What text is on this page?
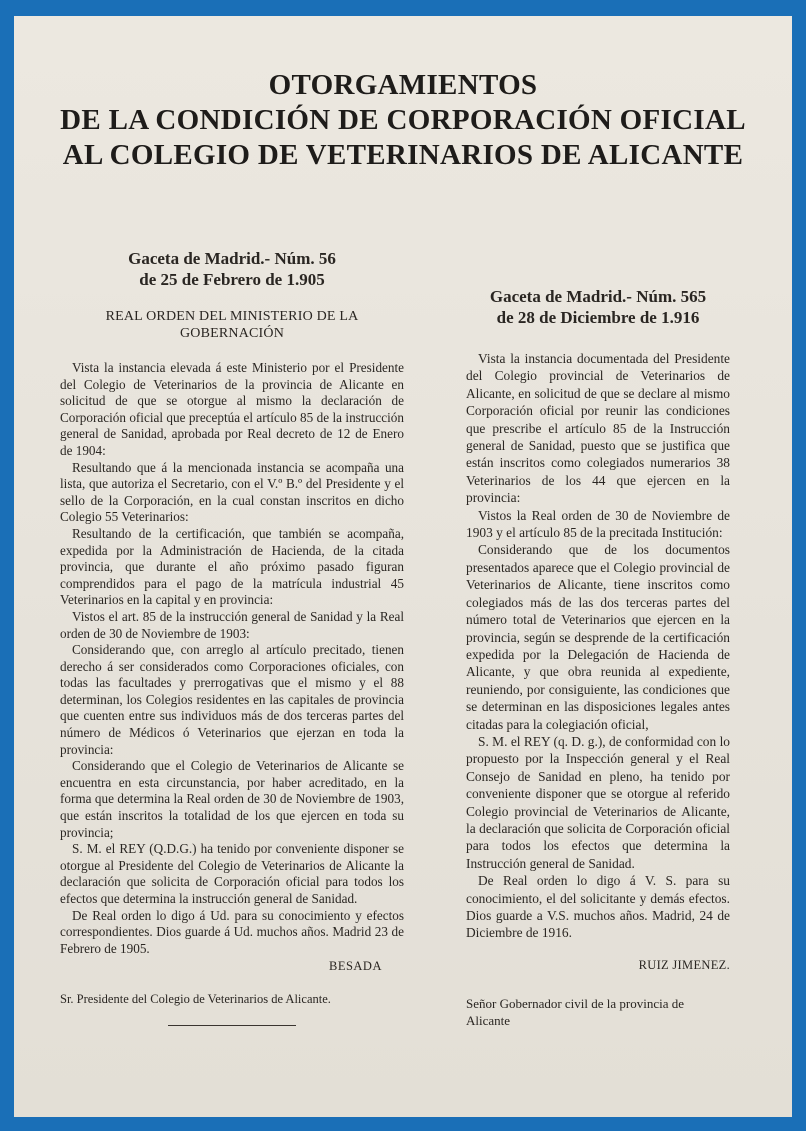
OTORGAMIENTOS
DE LA CONDICIÓN DE CORPORACIÓN OFICIAL
AL COLEGIO DE VETERINARIOS DE ALICANTE

Gaceta de Madrid.- Núm. 56
de 25 de Febrero de 1.905

REAL ORDEN DEL MINISTERIO DE LA
GOBERNACIÓN

Vista la instancia elevada á este Ministerio por el Presidente del Colegio de Veterinarios de la provincia de Alicante en solicitud de que se otorgue al mismo la declaración de Corporación oficial que preceptúa el artículo 85 de la instrucción general de Sanidad, aprobada por Real decreto de 12 de Enero de 1904:

Resultando que á la mencionada instancia se acompaña una lista, que autoriza el Secretario, con el V.º B.º del Presidente y el sello de la Corporación, en la cual constan inscritos en dicho Colegio 55 Veterinarios:

Resultando de la certificación, que también se acompaña, expedida por la Administración de Hacienda, de la citada provincia, que durante el año próximo pasado figuran comprendidos para el pago de la matrícula industrial 45 Veterinarios en la capital y en provincia:

Vistos el art. 85 de la instrucción general de Sanidad y la Real orden de 30 de Noviembre de 1903:

Considerando que, con arreglo al artículo precitado, tienen derecho á ser considerados como Corporaciones oficiales, con todas las facultades y prerrogativas que el mismo y el 88 determinan, los Colegios residentes en las capitales de provincia que cuenten entre sus individuos más de dos terceras partes del número de Médicos ó Veterinarios que ejerzan en toda la provincia:

Considerando que el Colegio de Veterinarios de Alicante se encuentra en esta circunstancia, por haber acreditado, en la forma que determina la Real orden de 30 de Noviembre de 1903, que están inscritos la totalidad de los que ejercen en toda su provincia;

S. M. el REY (Q.D.G.) ha tenido por conveniente disponer se otorgue al Presidente del Colegio de Veterinarios de Alicante la declaración que solicita de Corporación oficial para todos los efectos que determina la instrucción general de Sanidad.

De Real orden lo digo á Ud. para su conocimiento y efectos correspondientes. Dios guarde á Ud. muchos años. Madrid 23 de Febrero de 1905.

BESADA
Sr. Presidente del Colegio de Veterinarios de Alicante.

Gaceta de Madrid.- Núm. 565
de 28 de Diciembre de 1.916

Vista la instancia documentada del Presidente del Colegio provincial de Veterinarios de Alicante, en solicitud de que se declare al mismo Corporación oficial por reunir las condiciones que prescribe el artículo 85 de la Instrucción general de Sanidad, puesto que se justifica que están inscritos como colegiados numerarios 38 Veterinarios de los 44 que ejercen en la provincia:

Vistos la Real orden de 30 de Noviembre de 1903 y el artículo 85 de la precitada Institución:

Considerando que de los documentos presentados aparece que el Colegio provincial de Veterinarios de Alicante, tiene inscritos como colegiados más de las dos terceras partes del número total de Veterinarios que ejercen en la provincia, según se desprende de la certificación expedida por la Delegación de Hacienda de Alicante, y que obra reunida al expediente, reuniendo, por consiguiente, las condiciones que se determinan en las disposiciones legales antes citadas para la colegiación oficial,

S. M. el REY (q. D. g.), de conformidad con lo propuesto por la Inspección general y el Real Consejo de Sanidad en pleno, ha tenido por conveniente disponer que se otorgue al referido Colegio provincial de Veterinarios de Alicante, la declaración que solicita de Corporación oficial para todos los efectos que determina la Instrucción general de Sanidad.

De Real orden lo digo á V. S. para su conocimiento, el del solicitante y demás efectos. Dios guarde a V.S. muchos años. Madrid, 24 de Diciembre de 1916.

RUIZ JIMENEZ.
Señor Gobernador civil de la provincia de Alicante
